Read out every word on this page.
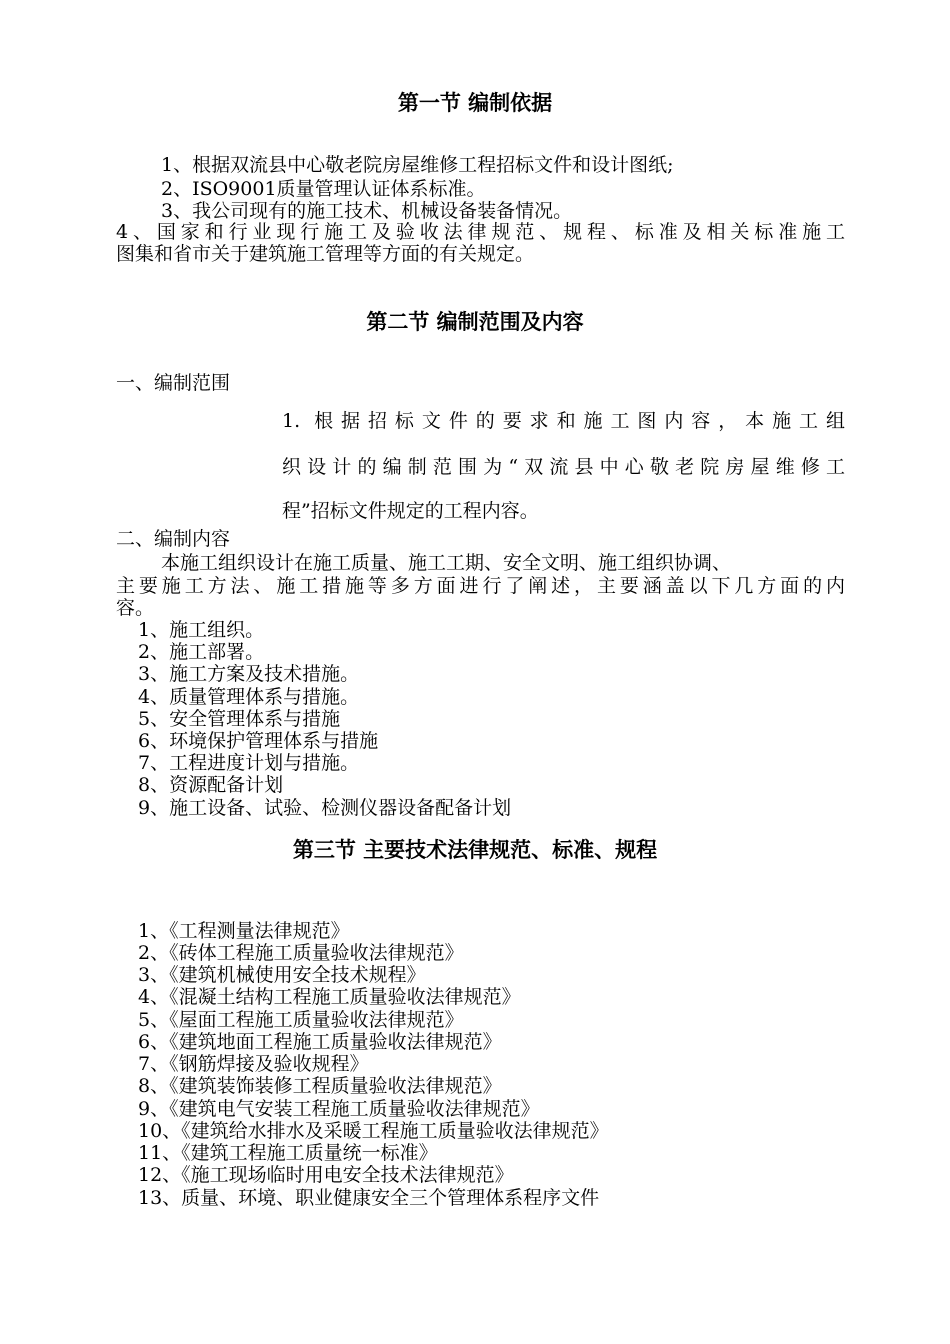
第一节 编制依据
1、根据双流县中心敬老院房屋维修工程招标文件和设计图纸;
2、ISO9001质量管理认证体系标准。
3、我公司现有的施工技术、机械设备装备情况。
4、国家和行业现行施工及验收法律规范、规程、标准及相关标准施工
图集和省市关于建筑施工管理等方面的有关规定。
第二节 编制范围及内容
一、编制范围
1. 根据招标文件的要求和施工图内容，本施工组
织设计的编制范围为“双流县中心敬老院房屋维修工
程”招标文件规定的工程内容。
二、编制内容
本施工组织设计在施工质量、施工工期、安全文明、施工组织协调、
主要施工方法、施工措施等多方面进行了阐述，主要涵盖以下几方面的内
容。
1、施工组织。
2、施工部署。
3、施工方案及技术措施。
4、质量管理体系与措施。
5、安全管理体系与措施
6、环境保护管理体系与措施
7、工程进度计划与措施。
8、资源配备计划
9、施工设备、试验、检测仪器设备配备计划
第三节 主要技术法律规范、标准、规程
1、《工程测量法律规范》
2、《砖体工程施工质量验收法律规范》
3、《建筑机械使用安全技术规程》
4、《混凝土结构工程施工质量验收法律规范》
5、《屋面工程施工质量验收法律规范》
6、《建筑地面工程施工质量验收法律规范》
7、《钢筋焊接及验收规程》
8、《建筑装饰装修工程质量验收法律规范》
9、《建筑电气安装工程施工质量验收法律规范》
10、《建筑给水排水及采暖工程施工质量验收法律规范》
11、《建筑工程施工质量统一标准》
12、《施工现场临时用电安全技术法律规范》
13、质量、环境、职业健康安全三个管理体系程序文件
